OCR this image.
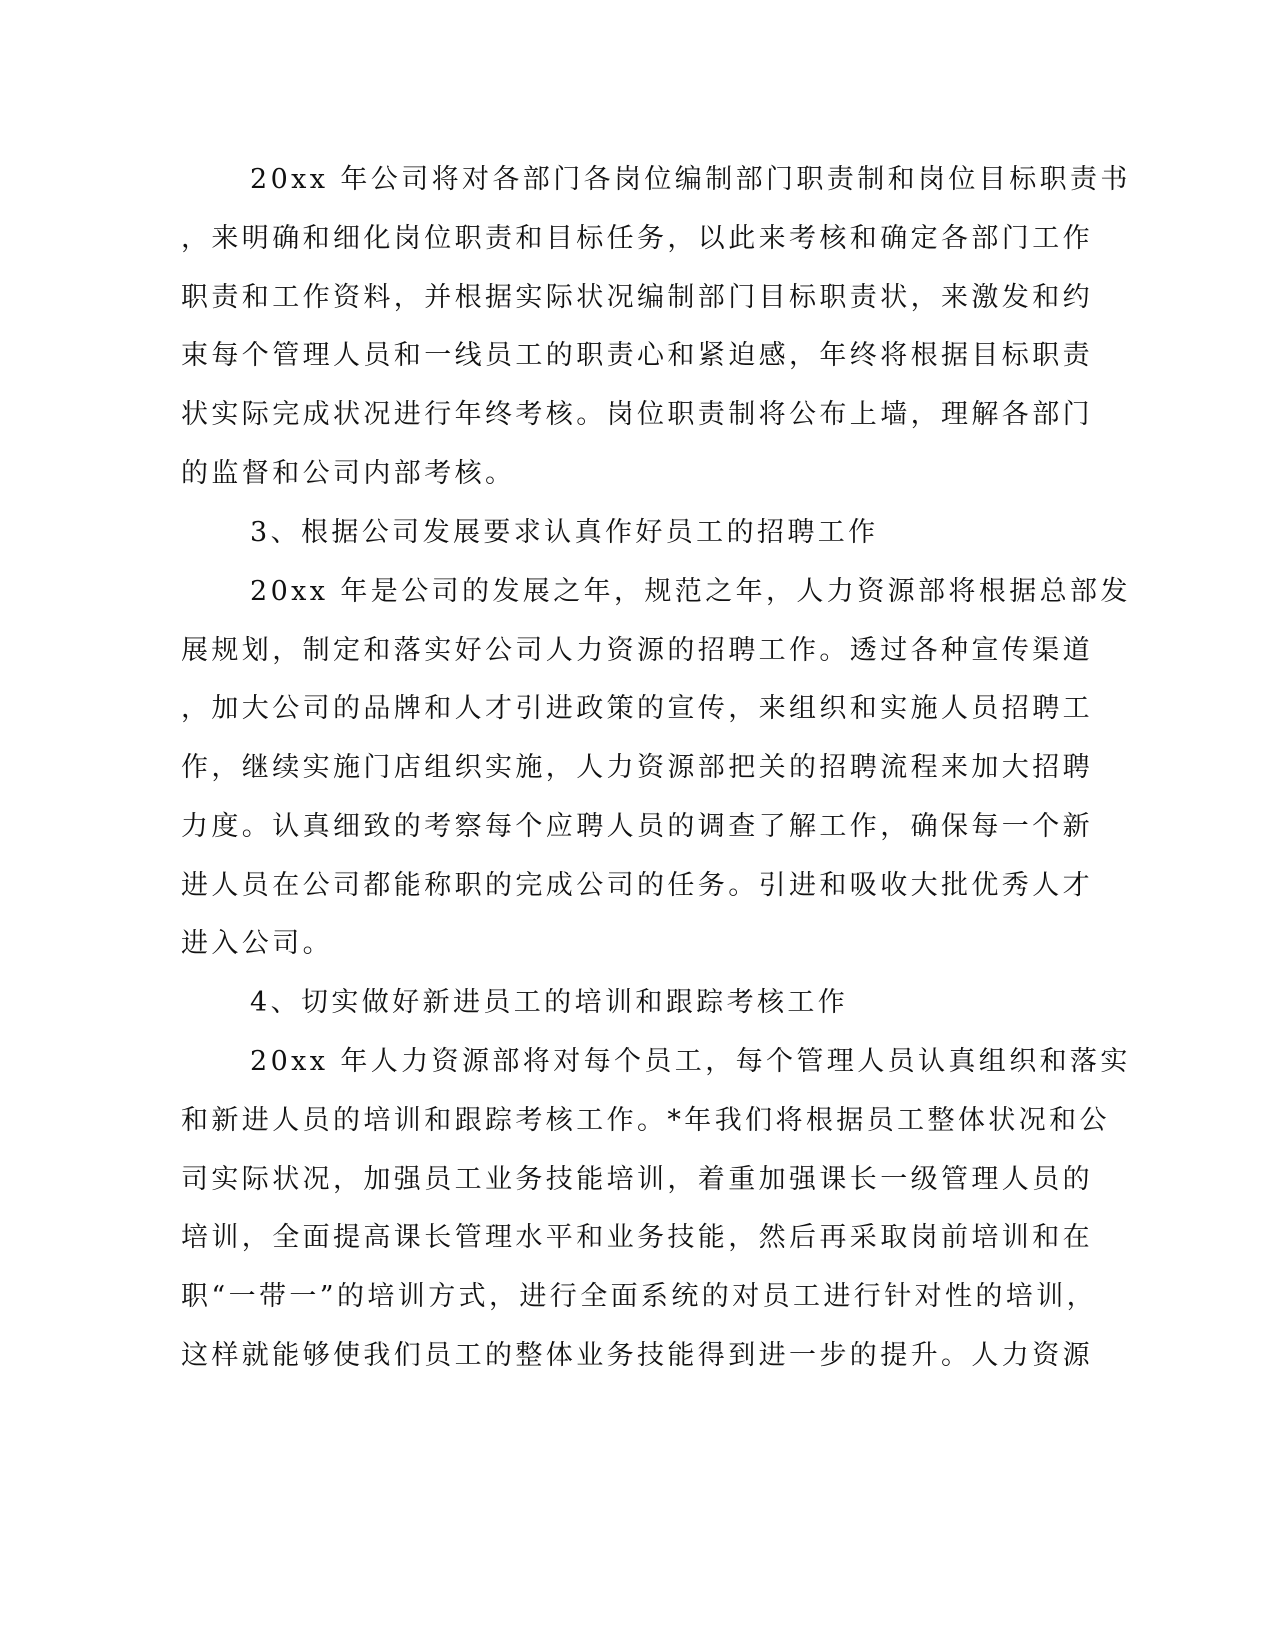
20xx 年公司将对各部门各岗位编制部门职责制和岗位目标职责书

，来明确和细化岗位职责和目标任务，以此来考核和确定各部门工作

职责和工作资料，并根据实际状况编制部门目标职责状，来激发和约

束每个管理人员和一线员工的职责心和紧迫感，年终将根据目标职责

状实际完成状况进行年终考核。岗位职责制将公布上墙，理解各部门

的监督和公司内部考核。

3、根据公司发展要求认真作好员工的招聘工作

20xx 年是公司的发展之年，规范之年，人力资源部将根据总部发

展规划，制定和落实好公司人力资源的招聘工作。透过各种宣传渠道

，加大公司的品牌和人才引进政策的宣传，来组织和实施人员招聘工

作，继续实施门店组织实施，人力资源部把关的招聘流程来加大招聘

力度。认真细致的考察每个应聘人员的调查了解工作，确保每一个新

进人员在公司都能称职的完成公司的任务。引进和吸收大批优秀人才

进入公司。

4、切实做好新进员工的培训和跟踪考核工作

20xx 年人力资源部将对每个员工，每个管理人员认真组织和落实

和新进人员的培训和跟踪考核工作。*年我们将根据员工整体状况和公

司实际状况，加强员工业务技能培训，着重加强课长一级管理人员的

培训，全面提高课长管理水平和业务技能，然后再采取岗前培训和在

职“一带一”的培训方式，进行全面系统的对员工进行针对性的培训，

这样就能够使我们员工的整体业务技能得到进一步的提升。人力资源
